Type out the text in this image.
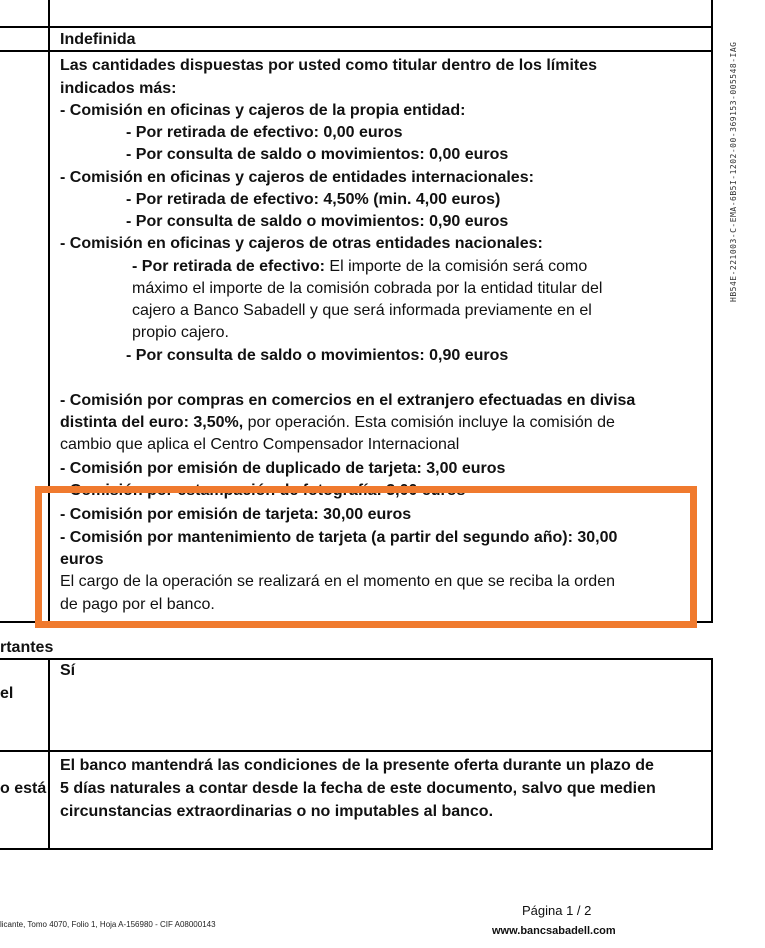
HB54E-221003-C-EMA-6B5I-1202-00-369153-005548-IAG
Indefinida
Las cantidades dispuestas por usted como titular dentro de los límites
indicados más:
- Comisión en oficinas y cajeros de la propia entidad:
- Por retirada de efectivo: 0,00 euros
- Por consulta de saldo o movimientos: 0,00 euros
- Comisión en oficinas y cajeros de entidades internacionales:
- Por retirada de efectivo: 4,50% (min. 4,00 euros)
- Por consulta de saldo o movimientos: 0,90 euros
- Comisión en oficinas y cajeros de otras entidades nacionales:
- Por retirada de efectivo: El importe de la comisión será como
máximo el importe de la comisión cobrada por la entidad titular del
cajero a Banco Sabadell y que será informada previamente en el
propio cajero.
- Por consulta de saldo o movimientos: 0,90 euros
- Comisión por compras en comercios en el extranjero efectuadas en divisa
distinta del euro: 3,50%, por operación. Esta comisión incluye la comisión de
cambio que aplica el Centro Compensador Internacional
- Comisión por emisión de duplicado de tarjeta: 3,00 euros
- Comisión por estampación de fotografía: 3,00 euros
- Comisión por emisión de tarjeta: 30,00 euros
- Comisión por mantenimiento de tarjeta (a partir del segundo año): 30,00
euros
El cargo de la operación se realizará en el momento en que se reciba la orden
de pago por el banco.
rtantes
el
Sí
o está
El banco mantendrá las condiciones de la presente oferta durante un plazo de
5 días naturales a contar desde la fecha de este documento, salvo que medien
circunstancias extraordinarias o no imputables al banco.
licante, Tomo 4070, Folio 1, Hoja A-156980 - CIF A08000143
Página 1 / 2
www.bancsabadell.com
